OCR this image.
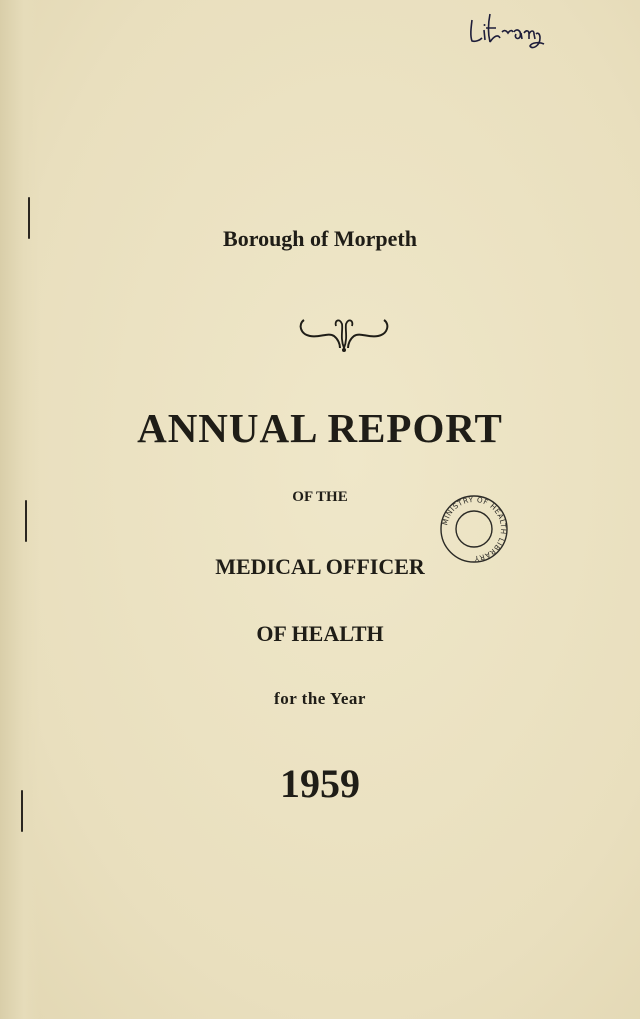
Borough of Morpeth

ANNUAL REPORT

OF THE

MEDICAL OFFICER

OF HEALTH

for the Year

1959

MINISTRY OF HEALTH LIBRARY
